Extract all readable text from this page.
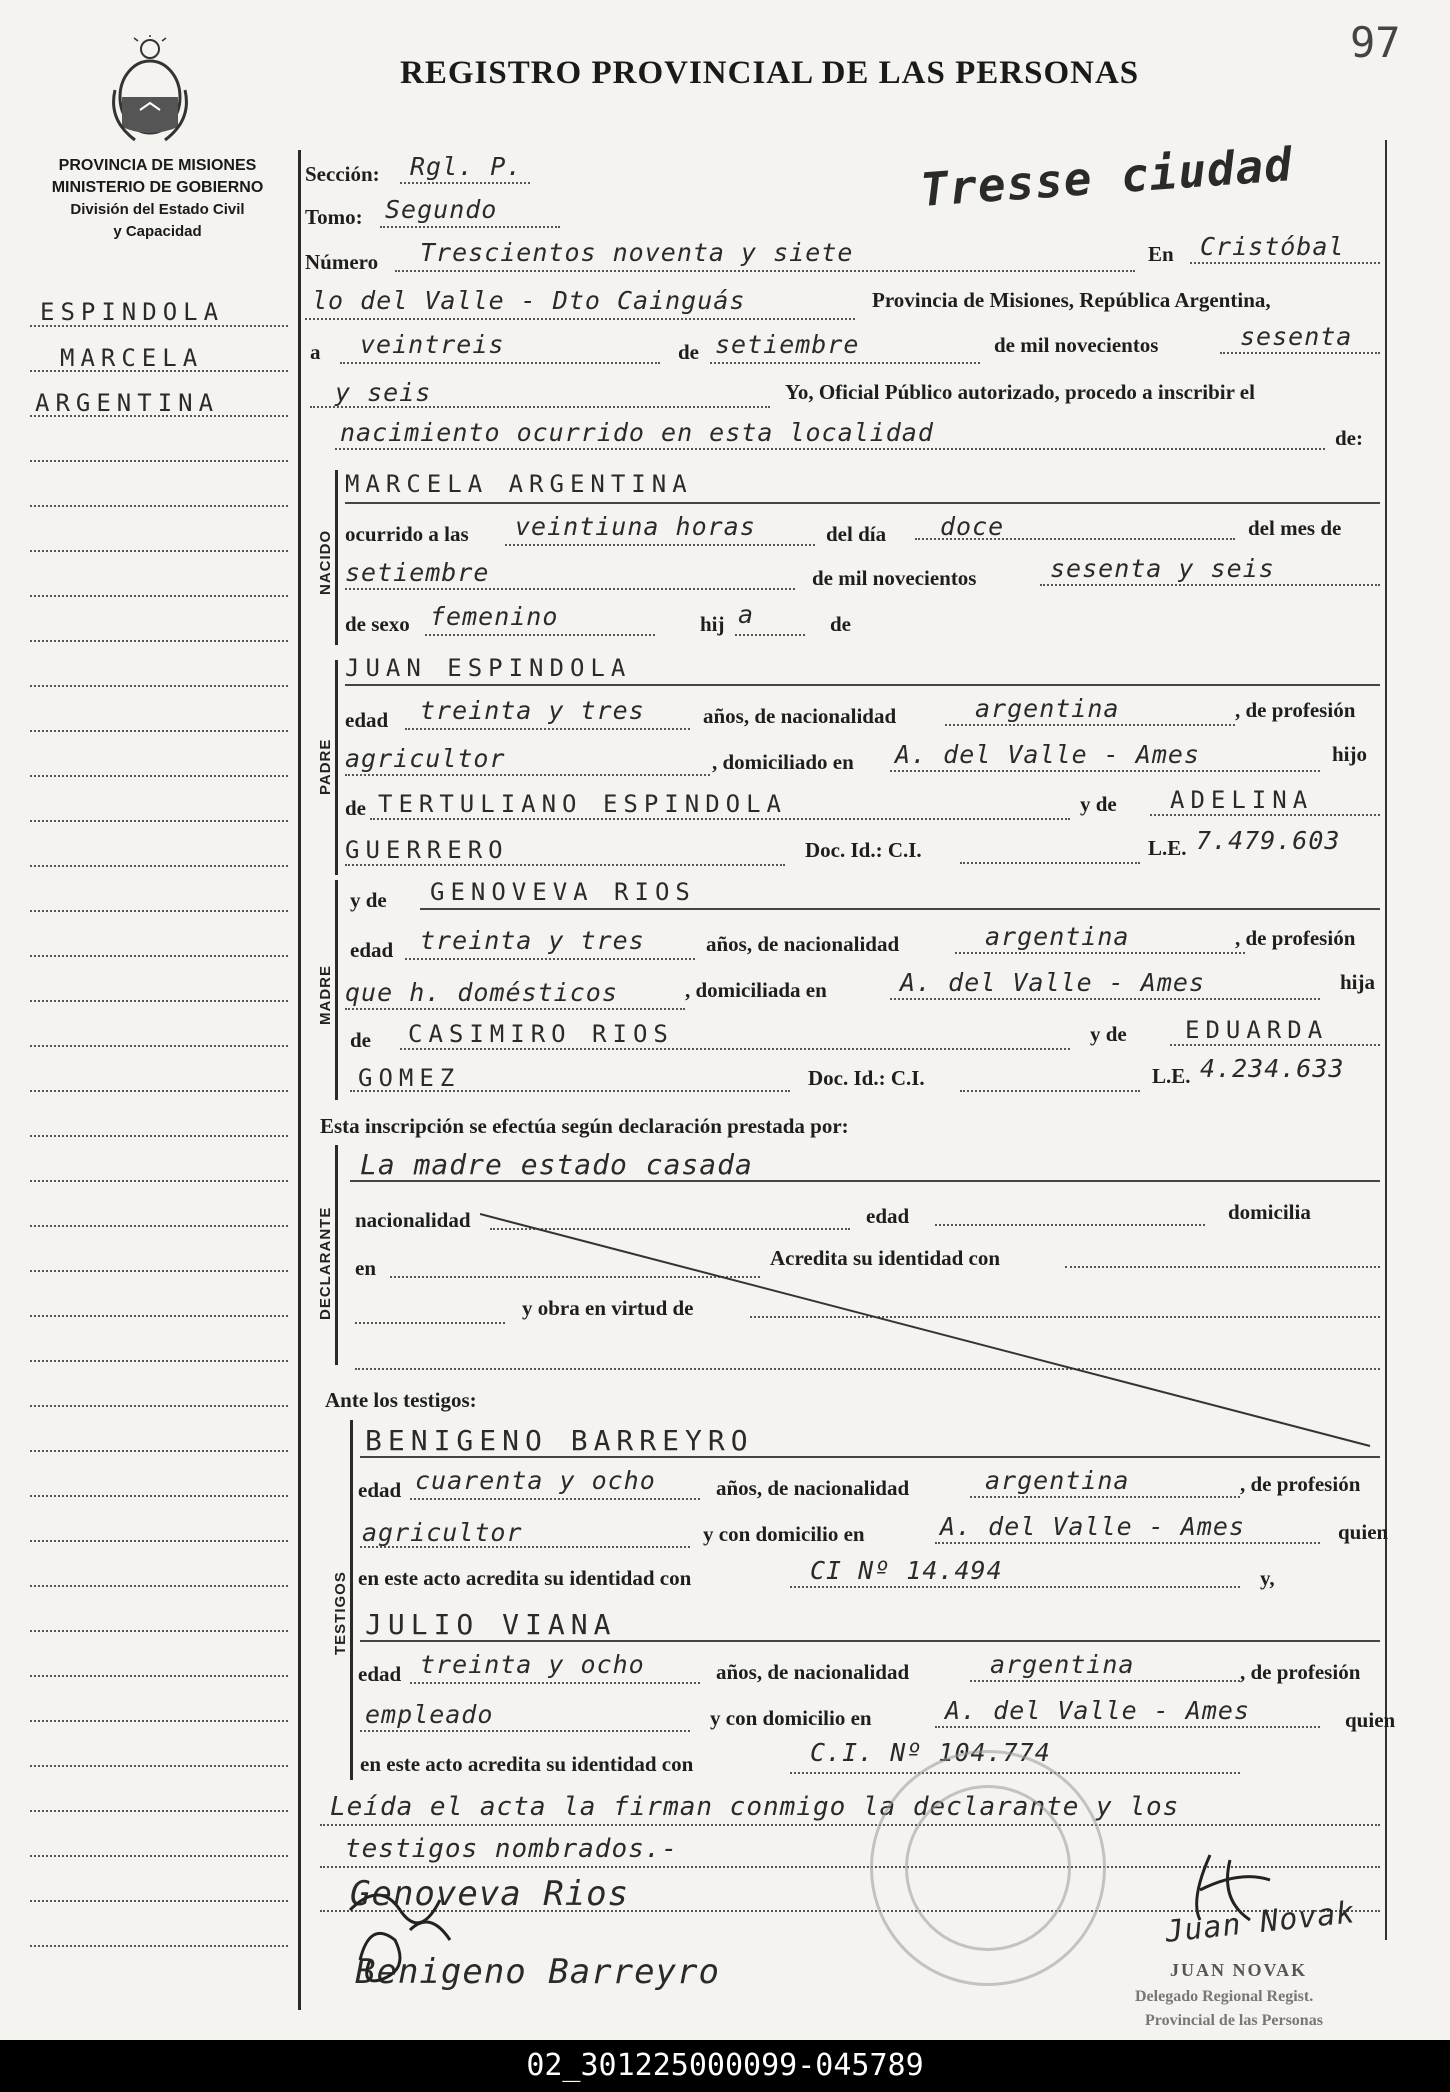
97
REGISTRO PROVINCIAL DE LAS PERSONAS
PROVINCIA DE MISIONES
MINISTERIO DE GOBIERNO
División del Estado Civil
y Capacidad
ESPINDOLA
MARCELA
ARGENTINA
Tresse ciudad
Sección: Rgl. P.
Tomo: Segundo
Número Trescientos noventa y siete	En Cristóbal
lo del Valle - Dto Cainguás	Provincia de Misiones, República Argentina,
a veintreis	de setiembre	de mil novecientos	sesenta
y seis	Yo, Oficial Público autorizado, procedo a inscribir el
nacimiento ocurrido en esta localidad	de:
NACIDO
MARCELA ARGENTINA
ocurrido a las veintiuna horas	del día doce	del mes de
setiembre	de mil novecientos	sesenta y seis
de sexo femenino	hij a	de
PADRE
JUAN ESPINDOLA
edad treinta y tres	años, de nacionalidad	argentina	, de profesión
agricultor	, domiciliado en A. del Valle - Ames	hijo
de TERTULIANO ESPINDOLA	y de ADELINA
GUERRERO	Doc. Id.: C.I.	L.E. 7.479.603
MADRE
y de GENOVEVA RIOS
edad treinta y tres	años, de nacionalidad	argentina	, de profesión
que h. domésticos	, domiciliada en	A. del Valle - Ames	hija
de CASIMIRO RIOS	y de EDUARDA
GOMEZ	Doc. Id.: C.I.	L.E. 4.234.633
Esta inscripción se efectúa según declaración prestada por:
DECLARANTE
La madre estado casada
nacionalidad	edad	domicilia
en	Acredita su identidad con
y obra en virtud de
Ante los testigos:
TESTIGOS
BENIGENO BARREYRO
edad cuarenta y ocho	años, de nacionalidad	argentina	, de profesión
agricultor	y con domicilio en	A. del Valle - Ames	quien
en este acto acredita su identidad con	CI Nº 14.494	y,
JULIO VIANA
edad treinta y ocho	años, de nacionalidad	argentina	, de profesión
empleado	y con domicilio en	A. del Valle - Ames	quien
en este acto acredita su identidad con	C.I. Nº 104.774
Leída el acta la firman conmigo la declarante y los
testigos nombrados.-
Genoveva Rios
Benigeno Barreyro
Juan Novak
JUAN NOVAK
Delegado Regional Regist.
Provincial de las Personas
02_301225000099-045789
